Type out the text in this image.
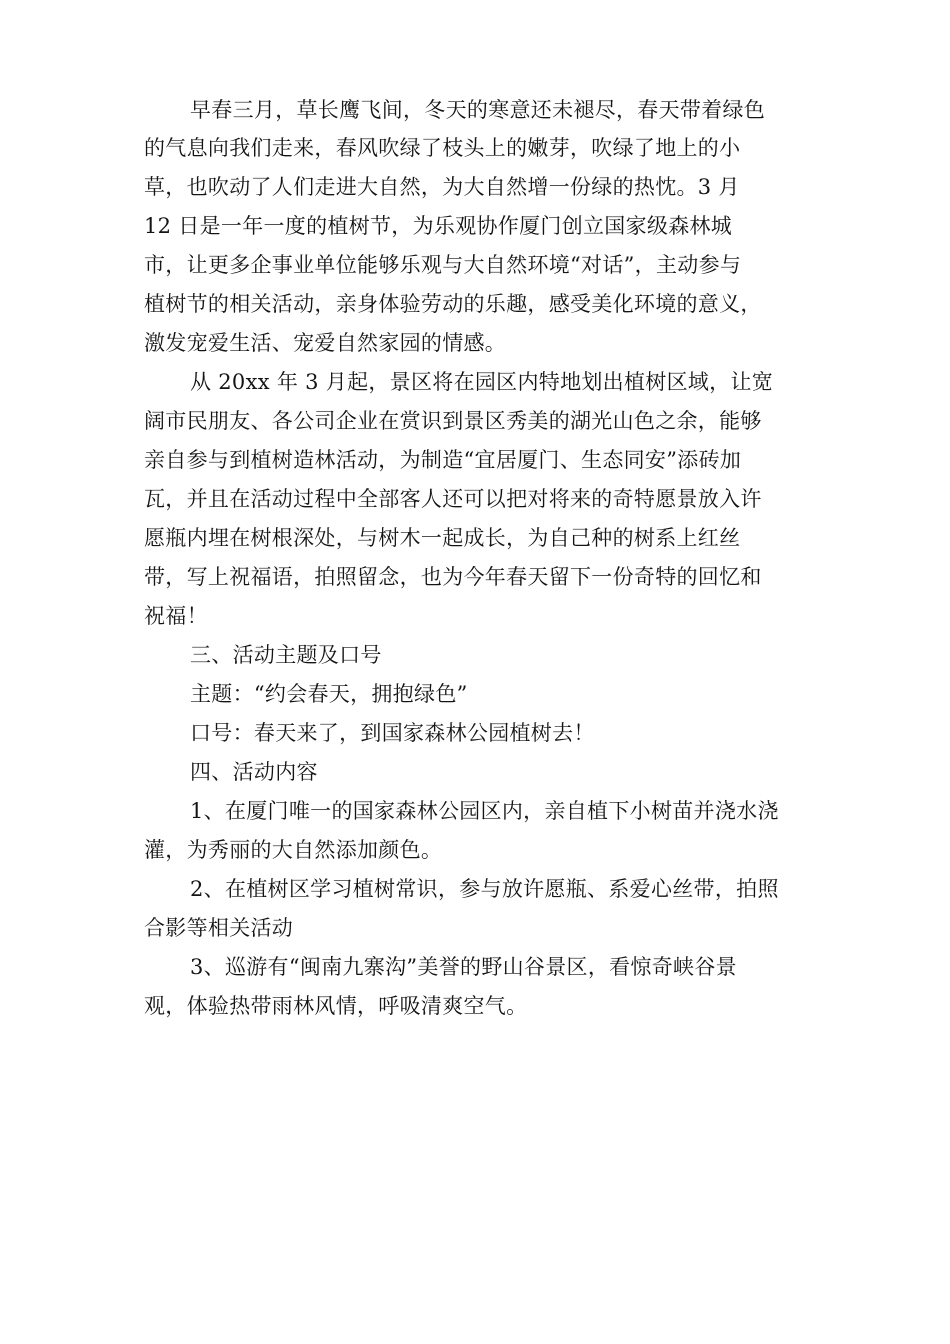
早春三月，草长鹰飞间，冬天的寒意还未褪尽，春天带着绿色
的气息向我们走来，春风吹绿了枝头上的嫩芽，吹绿了地上的小
草，也吹动了人们走进大自然，为大自然增一份绿的热忱。3 月
12 日是一年一度的植树节，为乐观协作厦门创立国家级森林城
市，让更多企事业单位能够乐观与大自然环境“对话”，主动参与
植树节的相关活动，亲身体验劳动的乐趣，感受美化环境的意义，
激发宠爱生活、宠爱自然家园的情感。
从 20xx 年 3 月起，景区将在园区内特地划出植树区域，让宽
阔市民朋友、各公司企业在赏识到景区秀美的湖光山色之余，能够
亲自参与到植树造林活动，为制造“宜居厦门、生态同安”添砖加
瓦，并且在活动过程中全部客人还可以把对将来的奇特愿景放入许
愿瓶内埋在树根深处，与树木一起成长，为自己种的树系上红丝
带，写上祝福语，拍照留念，也为今年春天留下一份奇特的回忆和
祝福！
三、活动主题及口号
主题：“约会春天，拥抱绿色”
口号：春天来了，到国家森林公园植树去！
四、活动内容
1、在厦门唯一的国家森林公园区内，亲自植下小树苗并浇水浇
灌，为秀丽的大自然添加颜色。
2、在植树区学习植树常识，参与放许愿瓶、系爱心丝带，拍照
合影等相关活动
3、巡游有“闽南九寨沟”美誉的野山谷景区，看惊奇峡谷景
观，体验热带雨林风情，呼吸清爽空气。
